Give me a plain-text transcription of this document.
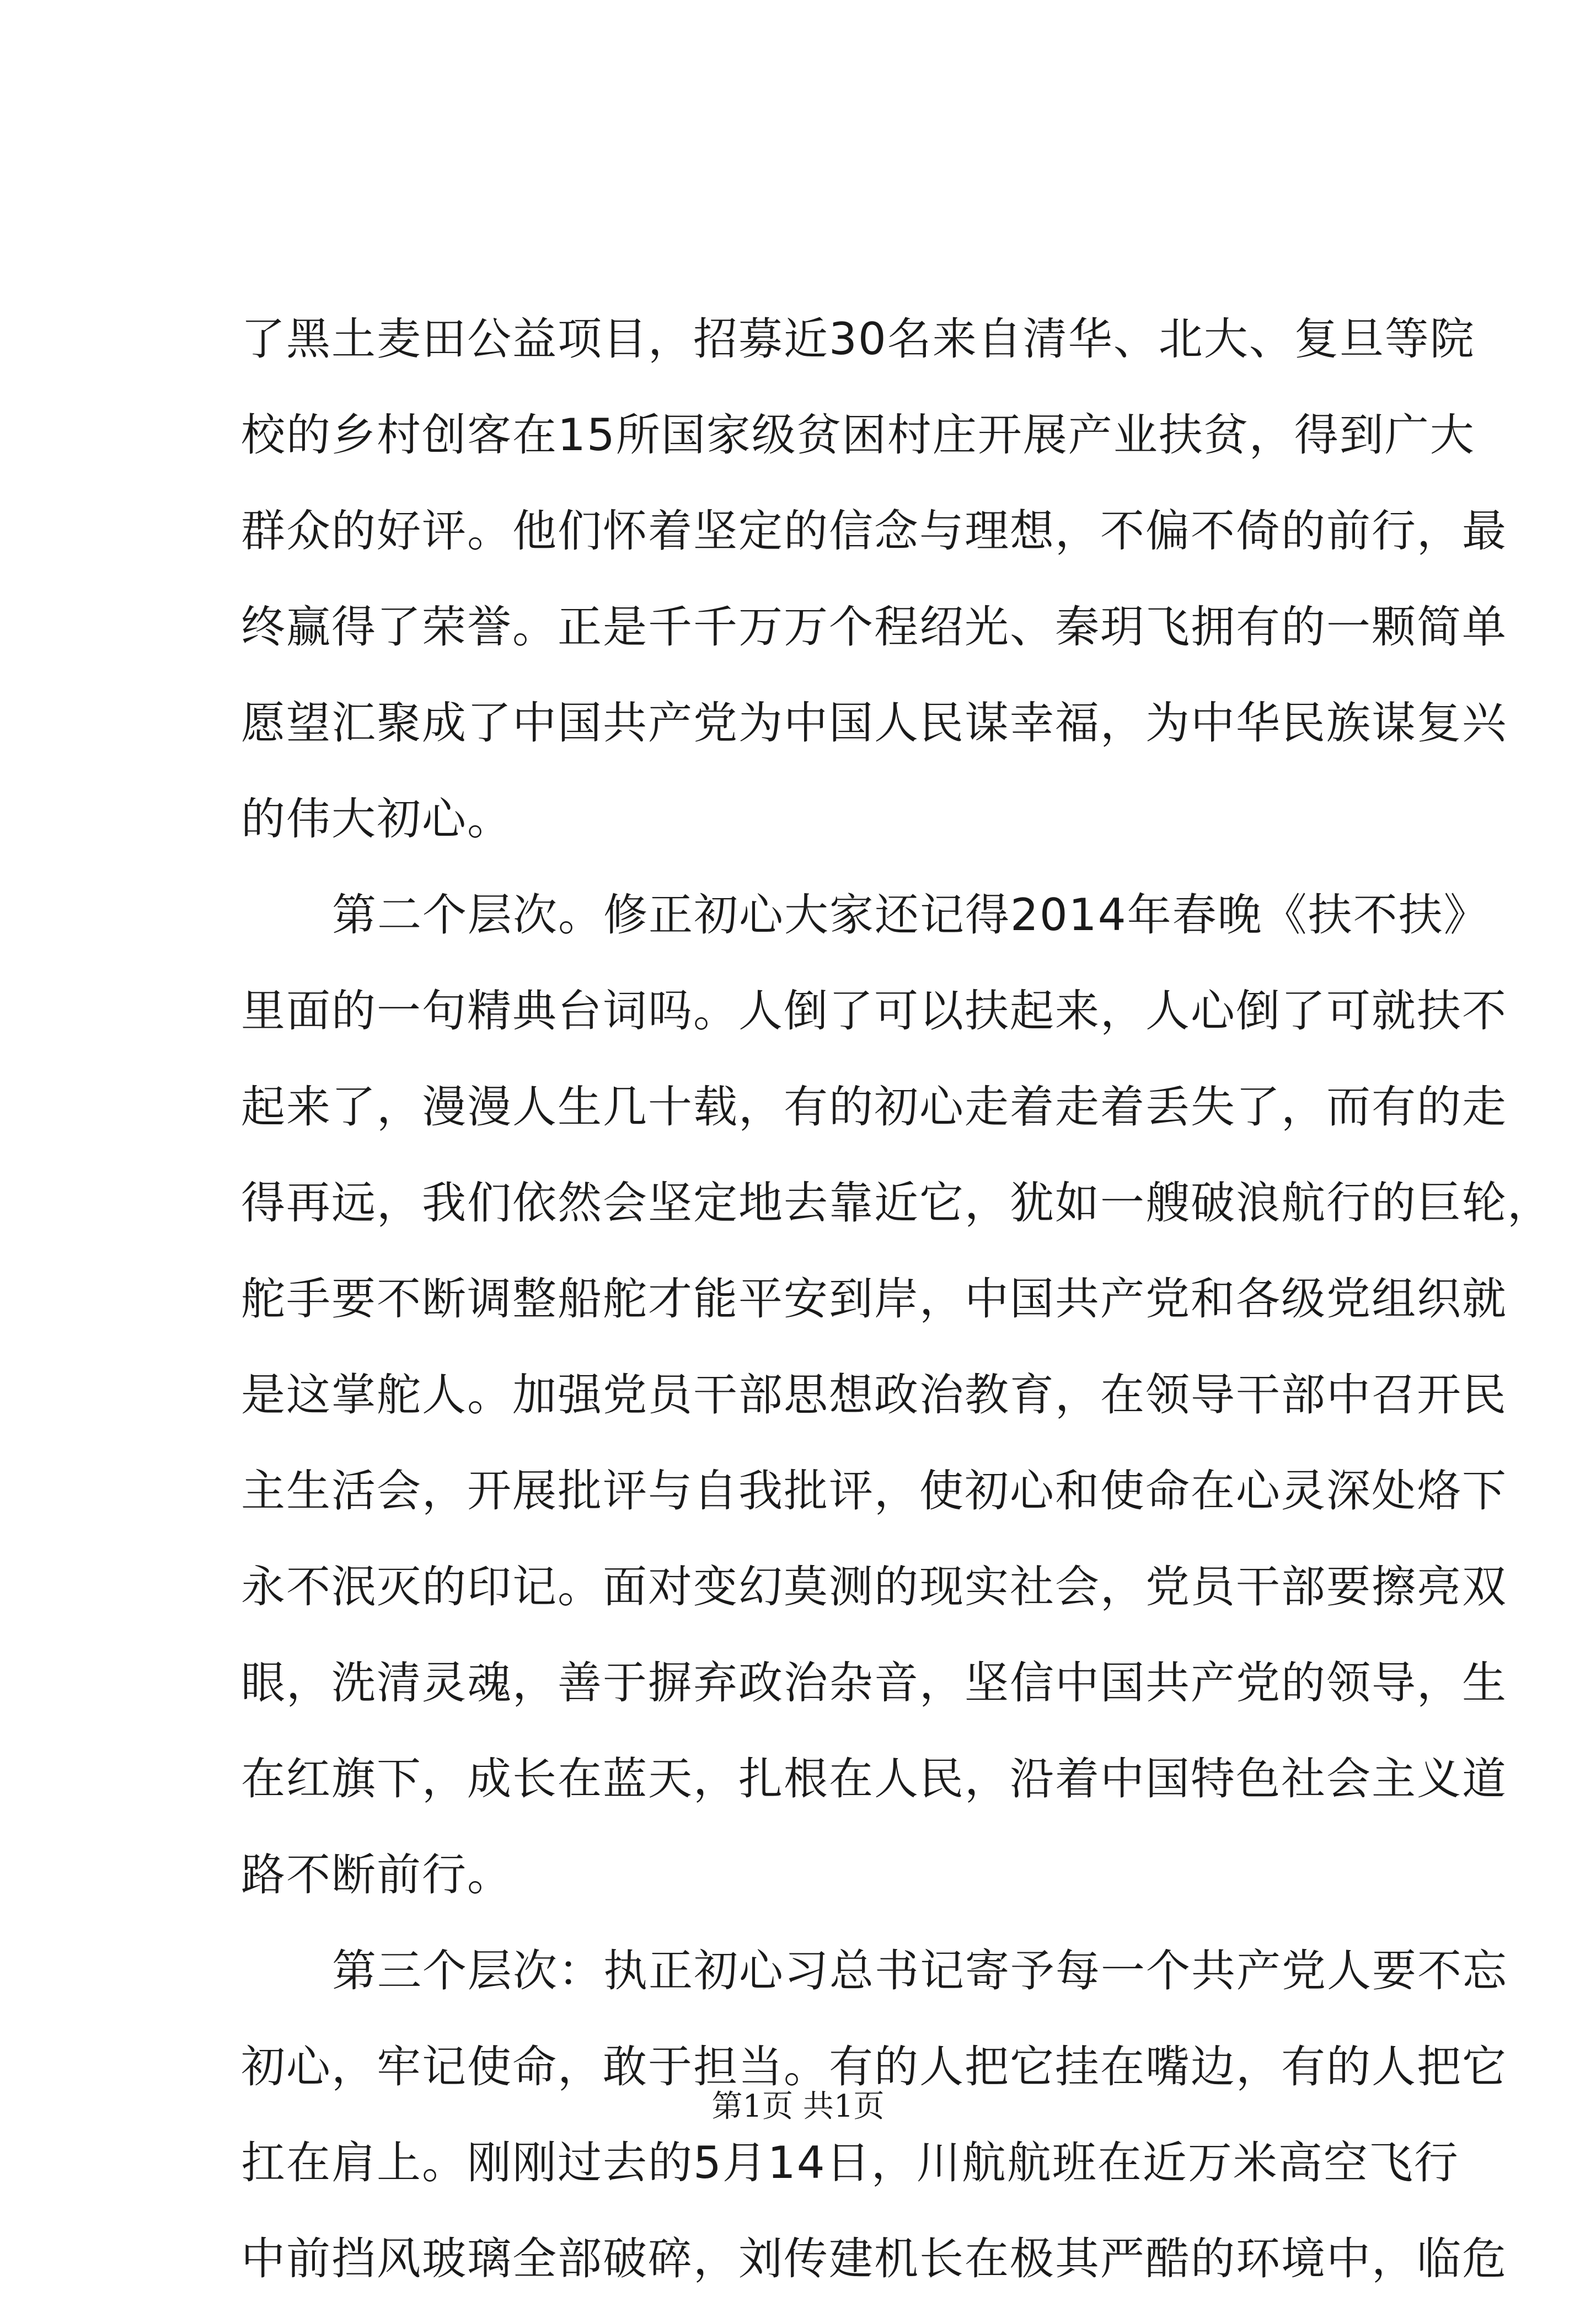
了黑土麦田公益项目，招募近30名来自清华、北大、复旦等院
校的乡村创客在15所国家级贫困村庄开展产业扶贫，得到广大
群众的好评。他们怀着坚定的信念与理想，不偏不倚的前行，最
终赢得了荣誉。正是千千万万个程绍光、秦玥飞拥有的一颗简单
愿望汇聚成了中国共产党为中国人民谋幸福，为中华民族谋复兴
的伟大初心。
第二个层次。修正初心大家还记得2014年春晚《扶不扶》
里面的一句精典台词吗。人倒了可以扶起来，人心倒了可就扶不
起来了，漫漫人生几十载，有的初心走着走着丢失了，而有的走
得再远，我们依然会坚定地去靠近它，犹如一艘破浪航行的巨轮，
舵手要不断调整船舵才能平安到岸，中国共产党和各级党组织就
是这掌舵人。加强党员干部思想政治教育，在领导干部中召开民
主生活会，开展批评与自我批评，使初心和使命在心灵深处烙下
永不泯灭的印记。面对变幻莫测的现实社会，党员干部要擦亮双
眼，洗清灵魂，善于摒弃政治杂音，坚信中国共产党的领导，生
在红旗下，成长在蓝天，扎根在人民，沿着中国特色社会主义道
路不断前行。
第三个层次：执正初心习总书记寄予每一个共产党人要不忘
初心，牢记使命，敢于担当。有的人把它挂在嘴边，有的人把它
扛在肩上。刚刚过去的5月14日，川航航班在近万米高空飞行
中前挡风玻璃全部破碎，刘传建机长在极其严酷的环境中，临危
第1页 共1页
